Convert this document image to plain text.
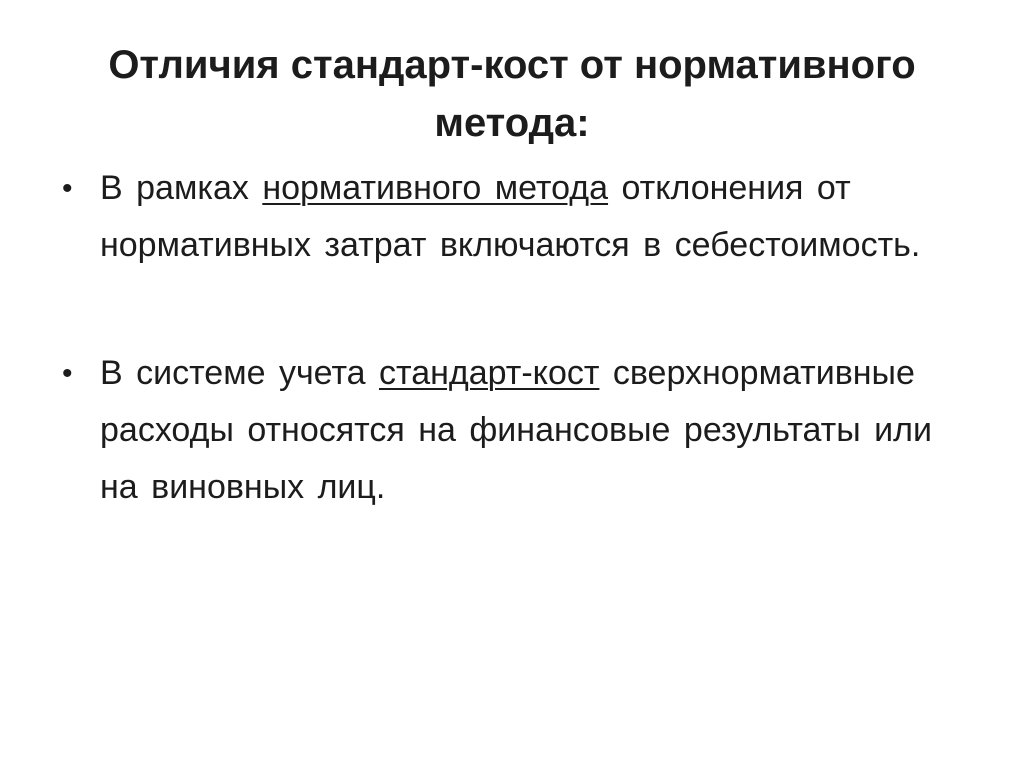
Отличия стандарт-кост от нормативного метода:
• В рамках нормативного метода отклонения от нормативных затрат включаются в себестоимость.
• В системе учета стандарт-кост сверхнормативные расходы относятся на финансовые результаты или на виновных лиц.
